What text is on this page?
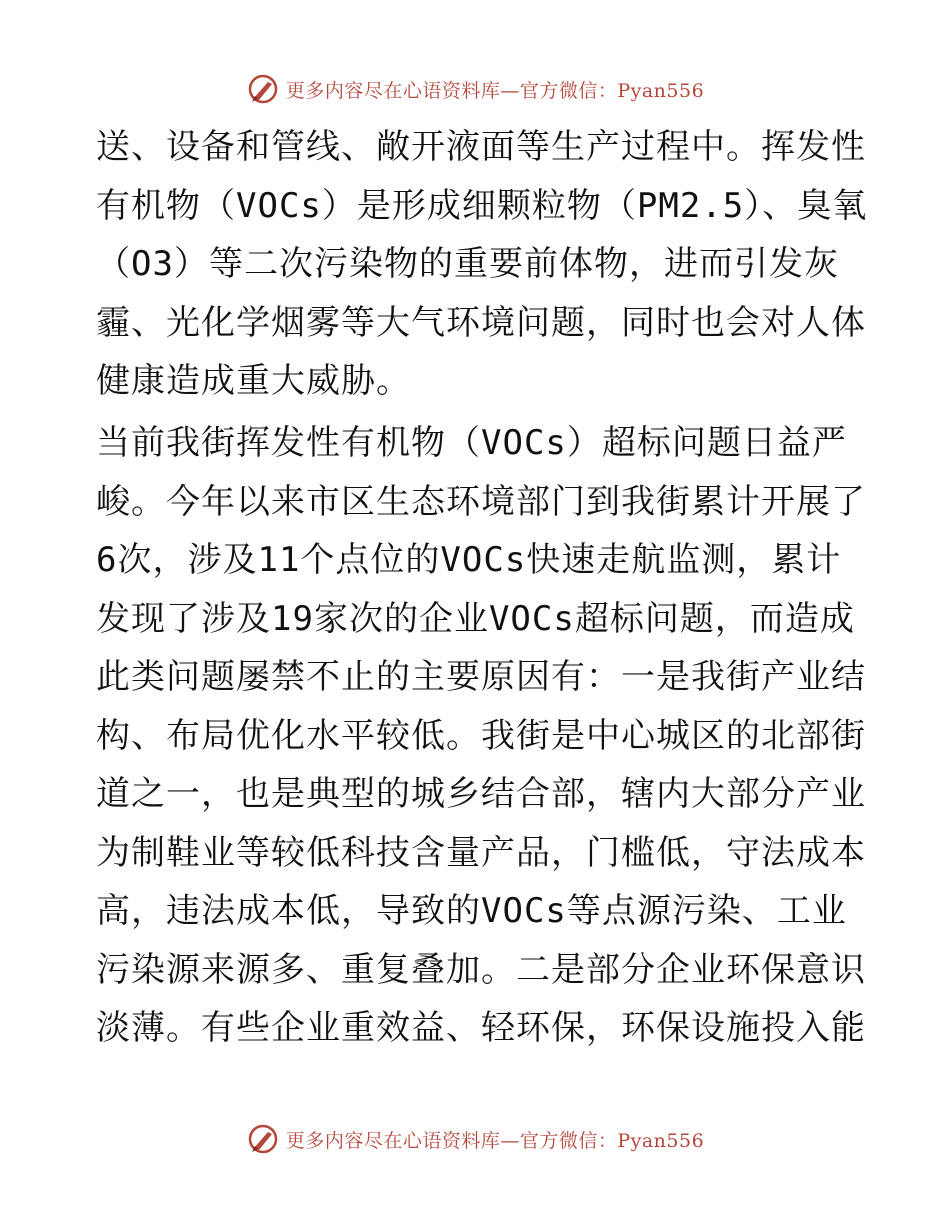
更多内容尽在心语资料库—官方微信：Pyan556
送、设备和管线、敞开液面等生产过程中。挥发性
有机物（VOCs）是形成细颗粒物（PM2.5）、臭氧
（O3）等二次污染物的重要前体物，进而引发灰
霾、光化学烟雾等大气环境问题，同时也会对人体
健康造成重大威胁。
当前我街挥发性有机物（VOCs）超标问题日益严
峻。今年以来市区生态环境部门到我街累计开展了
6次，涉及11个点位的VOCs快速走航监测，累计
发现了涉及19家次的企业VOCs超标问题，而造成
此类问题屡禁不止的主要原因有：一是我街产业结
构、布局优化水平较低。我街是中心城区的北部街
道之一，也是典型的城乡结合部，辖内大部分产业
为制鞋业等较低科技含量产品，门槛低，守法成本
高，违法成本低，导致的VOCs等点源污染、工业
污染源来源多、重复叠加。二是部分企业环保意识
淡薄。有些企业重效益、轻环保，环保设施投入能
更多内容尽在心语资料库—官方微信：Pyan556
